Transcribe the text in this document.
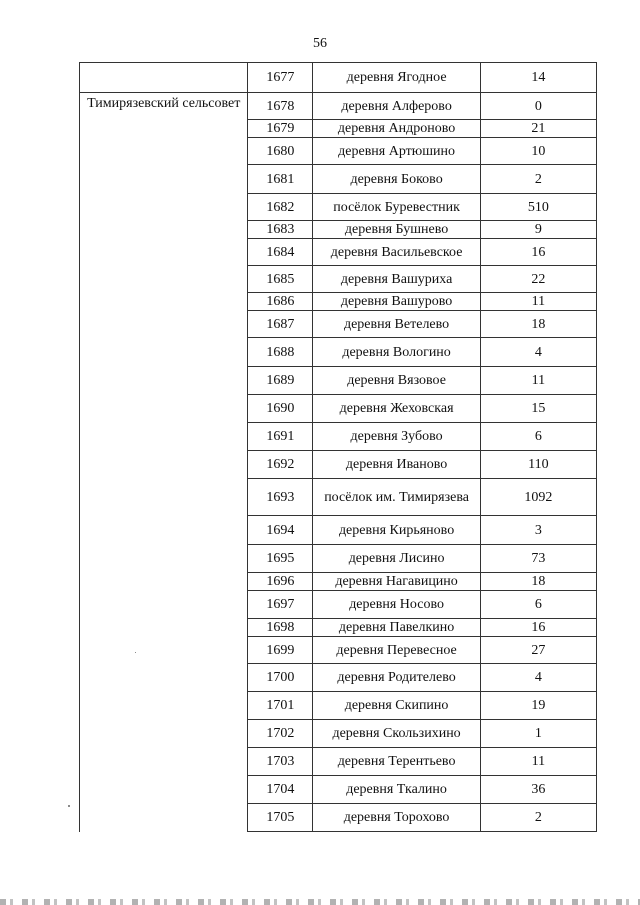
56
	1677	деревня Ягодное	14
Тимирязевский сельсовет	1678	деревня Алферово	0
	1679	деревня Андроново	21
	1680	деревня Артюшино	10
	1681	деревня Боково	2
	1682	посёлок Буревестник	510
	1683	деревня Бушнево	9
	1684	деревня Васильевское	16
	1685	деревня Вашуриха	22
	1686	деревня Вашурово	11
	1687	деревня Ветелево	18
	1688	деревня Вологино	4
	1689	деревня Вязовое	11
	1690	деревня Жеховская	15
	1691	деревня Зубово	6
	1692	деревня Иваново	110
	1693	посёлок им. Тимирязева	1092
	1694	деревня Кирьяново	3
	1695	деревня Лисино	73
	1696	деревня Нагавицино	18
	1697	деревня Носово	6
	1698	деревня Павелкино	16
	1699	деревня Перевесное	27
	1700	деревня Родителево	4
	1701	деревня Скипино	19
	1702	деревня Скользихино	1
	1703	деревня Терентьево	11
	1704	деревня Ткалино	36
	1705	деревня Торохово	2
